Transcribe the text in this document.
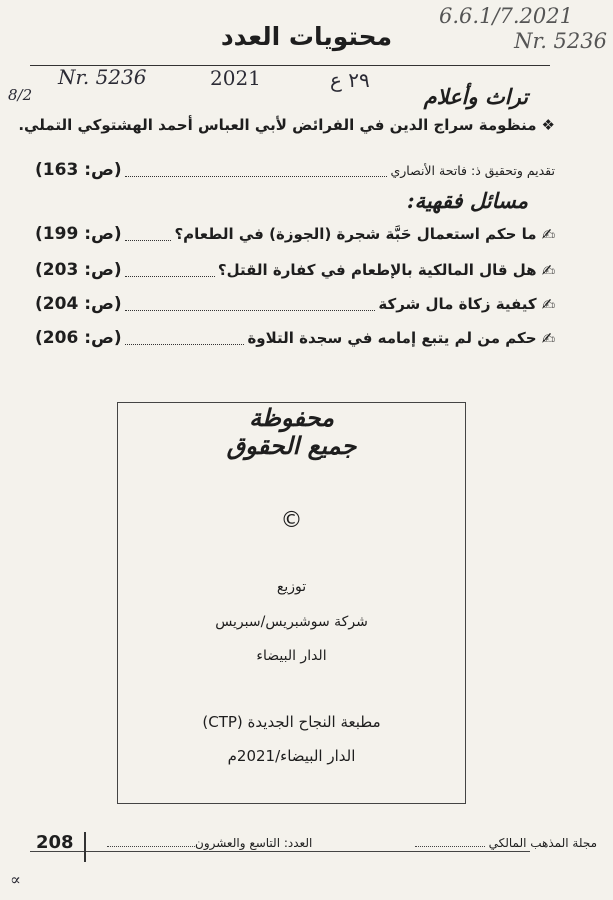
محتويات العدد
6.6.1/7.2021
Nr. 5236
٢٩ ع
2021
Nr. 5236
8/2	تراث وأعلام
❖منظومة سراج الدين في الفرائض لأبي العباس أحمد الهشتوكي التملي.
تقديم وتحقيق ذ: فاتحة الأنصاري
(ص: 163)
مسائل فقهية:
✍
ما حكم استعمال حَبَّة شجرة (الجوزة) في الطعام؟
(ص: 199)
✍
هل قال المالكية بالإطعام في كفارة القتل؟
(ص: 203)
✍
كيفية زكاة مال شركة
(ص: 204)
✍
حكم من لم يتبع إمامه في سجدة التلاوة
(ص: 206)
محفوظة
جميع الحقوق
©
توزيع
شركة سوشبريس/سبريس
الدار البيضاء
مطبعة النجاح الجديدة (CTP)
الدار البيضاء/2021م
208	العدد: التاسع والعشرون	مجلة المذهب المالكي
∝
